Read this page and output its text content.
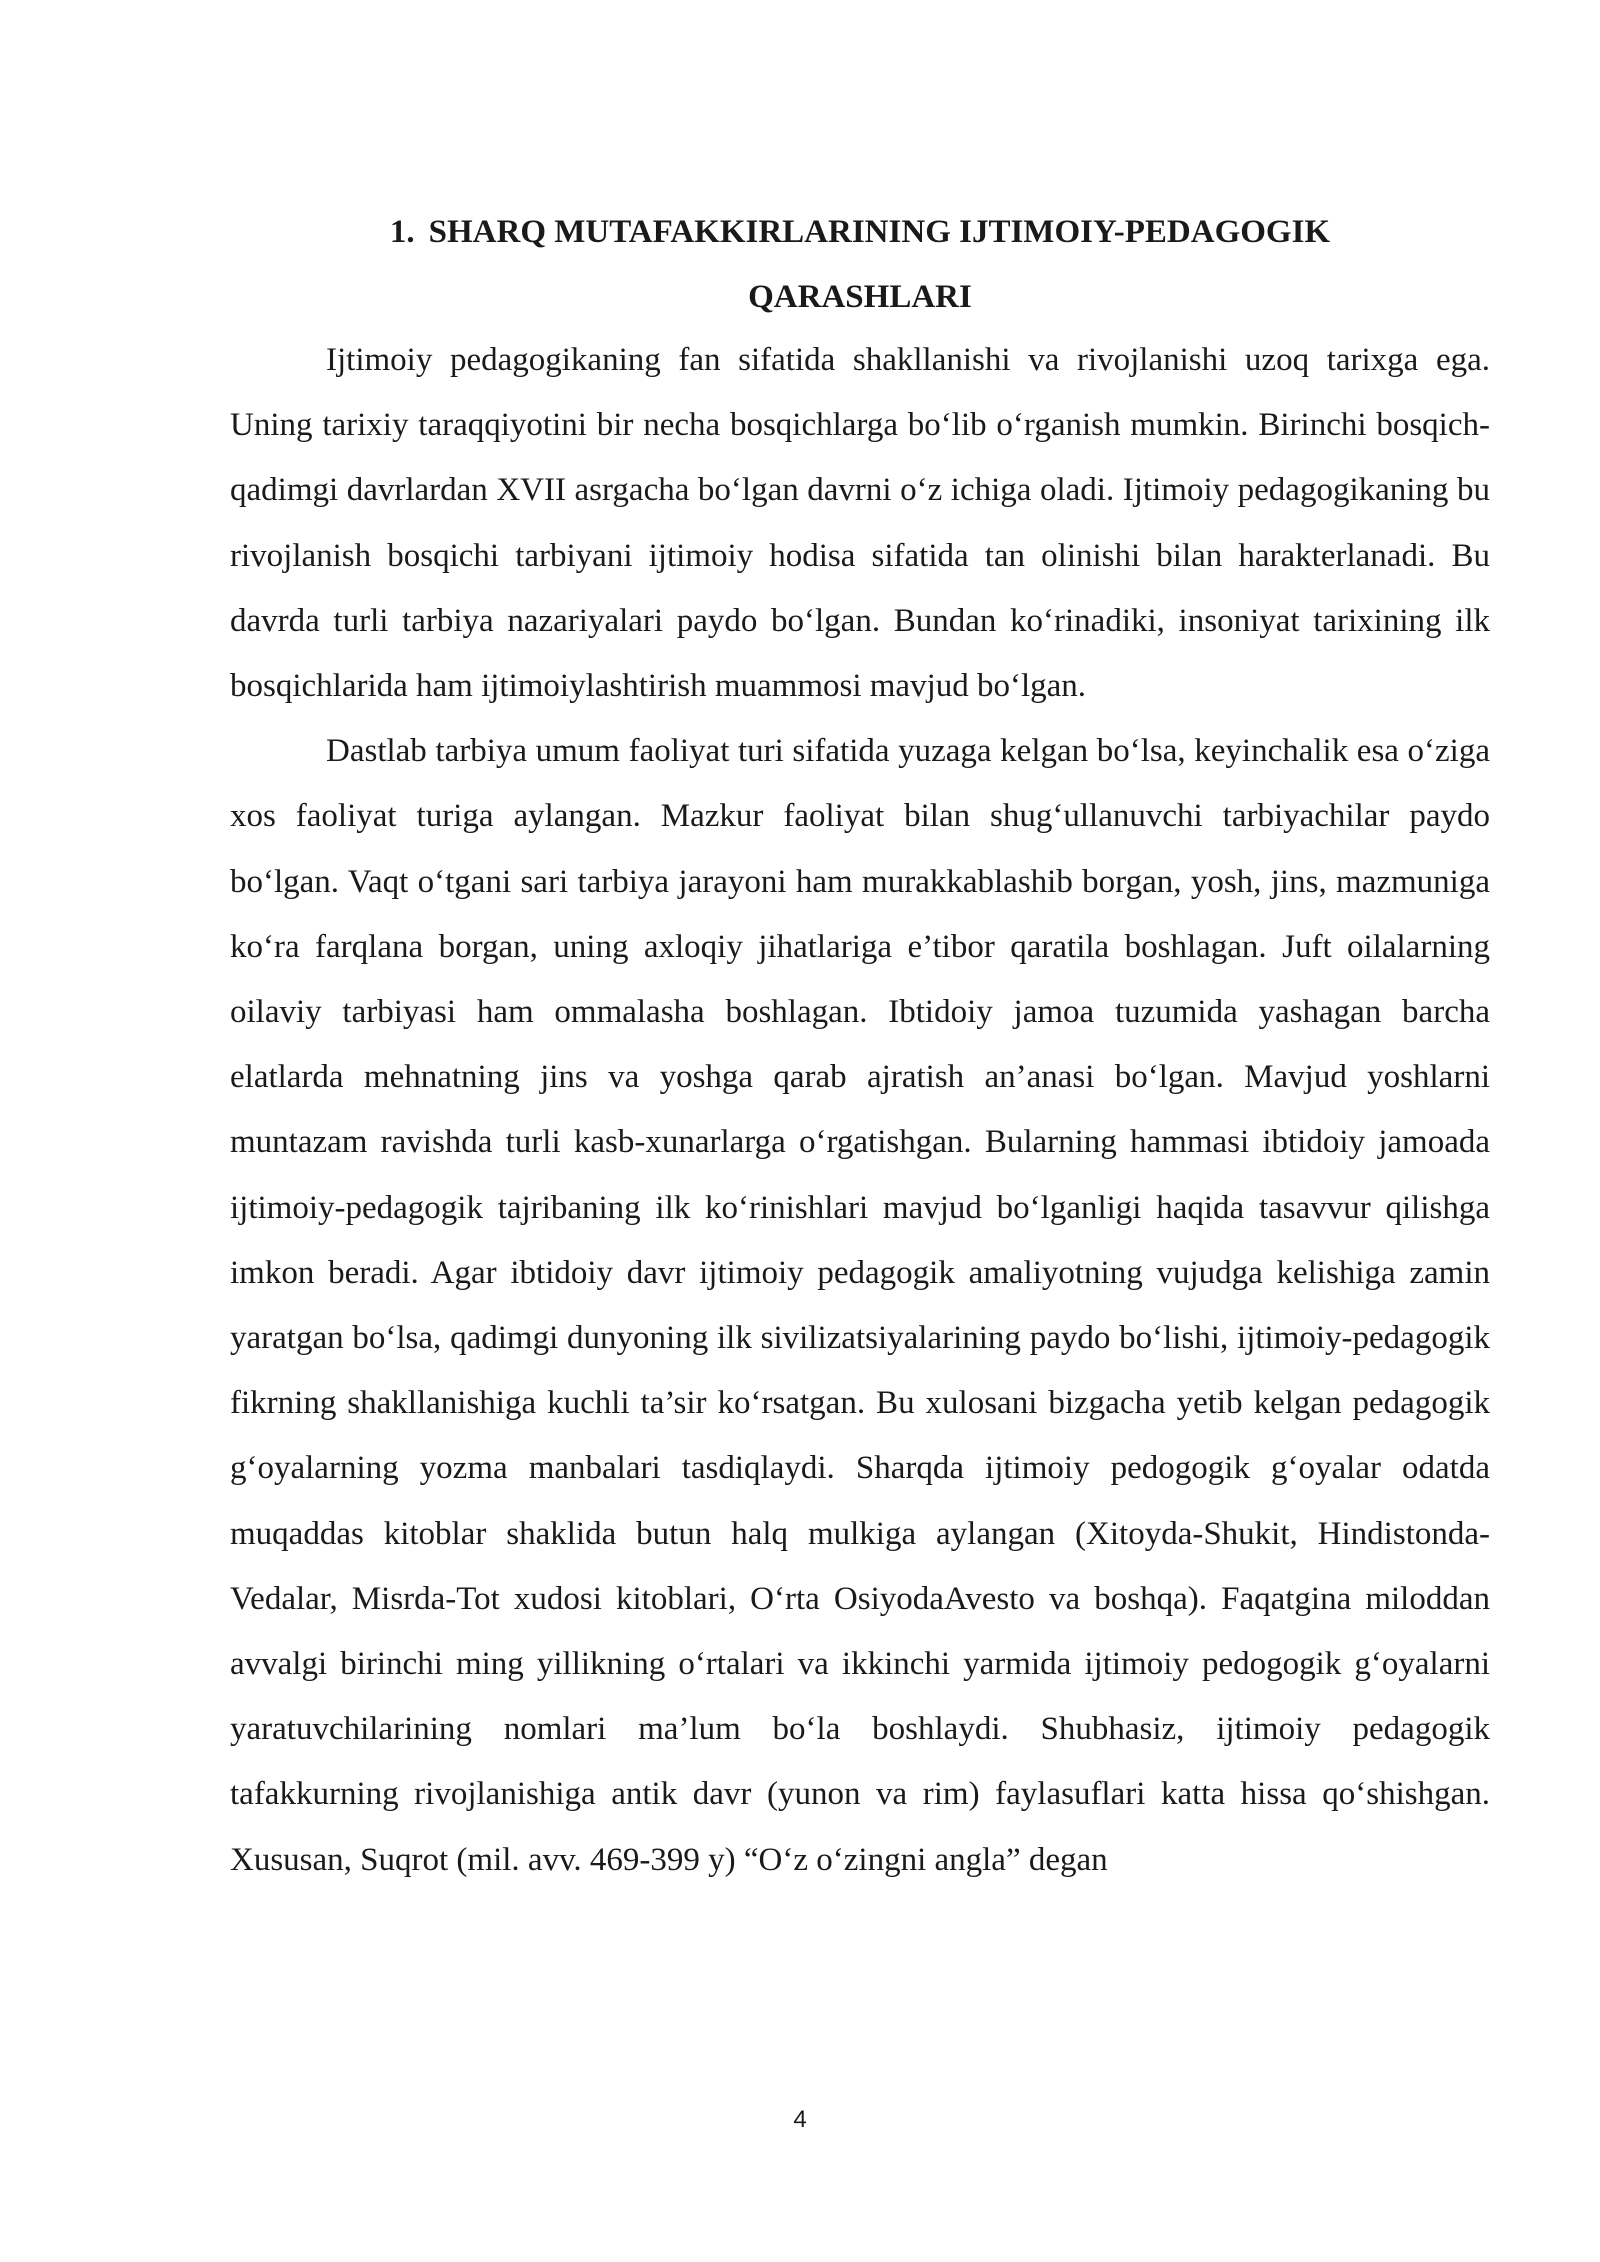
1. SHARQ MUTAFAKKIRLARINING IJTIMOIY-PEDAGOGIK
QARASHLARI

Ijtimoiy pedagogikaning fan sifatida shakllanishi va rivojlanishi uzoq tarixga ega. Uning tarixiy taraqqiyotini bir necha bosqichlarga boʻlib oʻrganish mumkin. Birinchi bosqich-qadimgi davrlardan XVII asrgacha boʻlgan davrni oʻz ichiga oladi. Ijtimoiy pedagogikaning bu rivojlanish bosqichi tarbiyani ijtimoiy hodisa sifatida tan olinishi bilan harakterlanadi. Bu davrda turli tarbiya nazariyalari paydo boʻlgan. Bundan koʻrinadiki, insoniyat tarixining ilk bosqichlarida ham ijtimoiylashtirish muammosi mavjud boʻlgan.

Dastlab tarbiya umum faoliyat turi sifatida yuzaga kelgan boʻlsa, keyinchalik esa oʻziga xos faoliyat turiga aylangan. Mazkur faoliyat bilan shugʻullanuvchi tarbiyachilar paydo boʻlgan. Vaqt oʻtgani sari tarbiya jarayoni ham murakkablashib borgan, yosh, jins, mazmuniga koʻra farqlana borgan, uning axloqiy jihatlariga e’tibor qaratila boshlagan. Juft oilalarning oilaviy tarbiyasi ham ommalasha boshlagan. Ibtidoiy jamoa tuzumida yashagan barcha elatlarda mehnatning jins va yoshga qarab ajratish an’anasi boʻlgan. Mavjud yoshlarni muntazam ravishda turli kasb-xunarlarga oʻrgatishgan. Bularning hammasi ibtidoiy jamoada ijtimoiy-pedagogik tajribaning ilk koʻrinishlari mavjud boʻlganligi haqida tasavvur qilishga imkon beradi. Agar ibtidoiy davr ijtimoiy pedagogik amaliyotning vujudga kelishiga zamin yaratgan boʻlsa, qadimgi dunyoning ilk sivilizatsiyalarining paydo boʻlishi, ijtimoiy-pedagogik fikrning shakllanishiga kuchli ta’sir koʻrsatgan. Bu xulosani bizgacha yetib kelgan pedagogik gʻoyalarning yozma manbalari tasdiqlaydi. Sharqda ijtimoiy pedogogik gʻoyalar odatda muqaddas kitoblar shaklida butun halq mulkiga aylangan (Xitoyda-Shukit, Hindistonda-Vedalar, Misrda-Tot xudosi kitoblari, Oʻrta OsiyodaAvesto va boshqa). Faqatgina miloddan avvalgi birinchi ming yillikning oʻrtalari va ikkinchi yarmida ijtimoiy pedogogik gʻoyalarni yaratuvchilarining nomlari ma’lum boʻla boshlaydi. Shubhasiz, ijtimoiy pedagogik tafakkurning rivojlanishiga antik davr (yunon va rim) faylasuflari katta hissa qoʻshishgan. Xususan, Suqrot (mil. avv. 469-399 y) “Oʻz oʻzingni angla” degan

4
